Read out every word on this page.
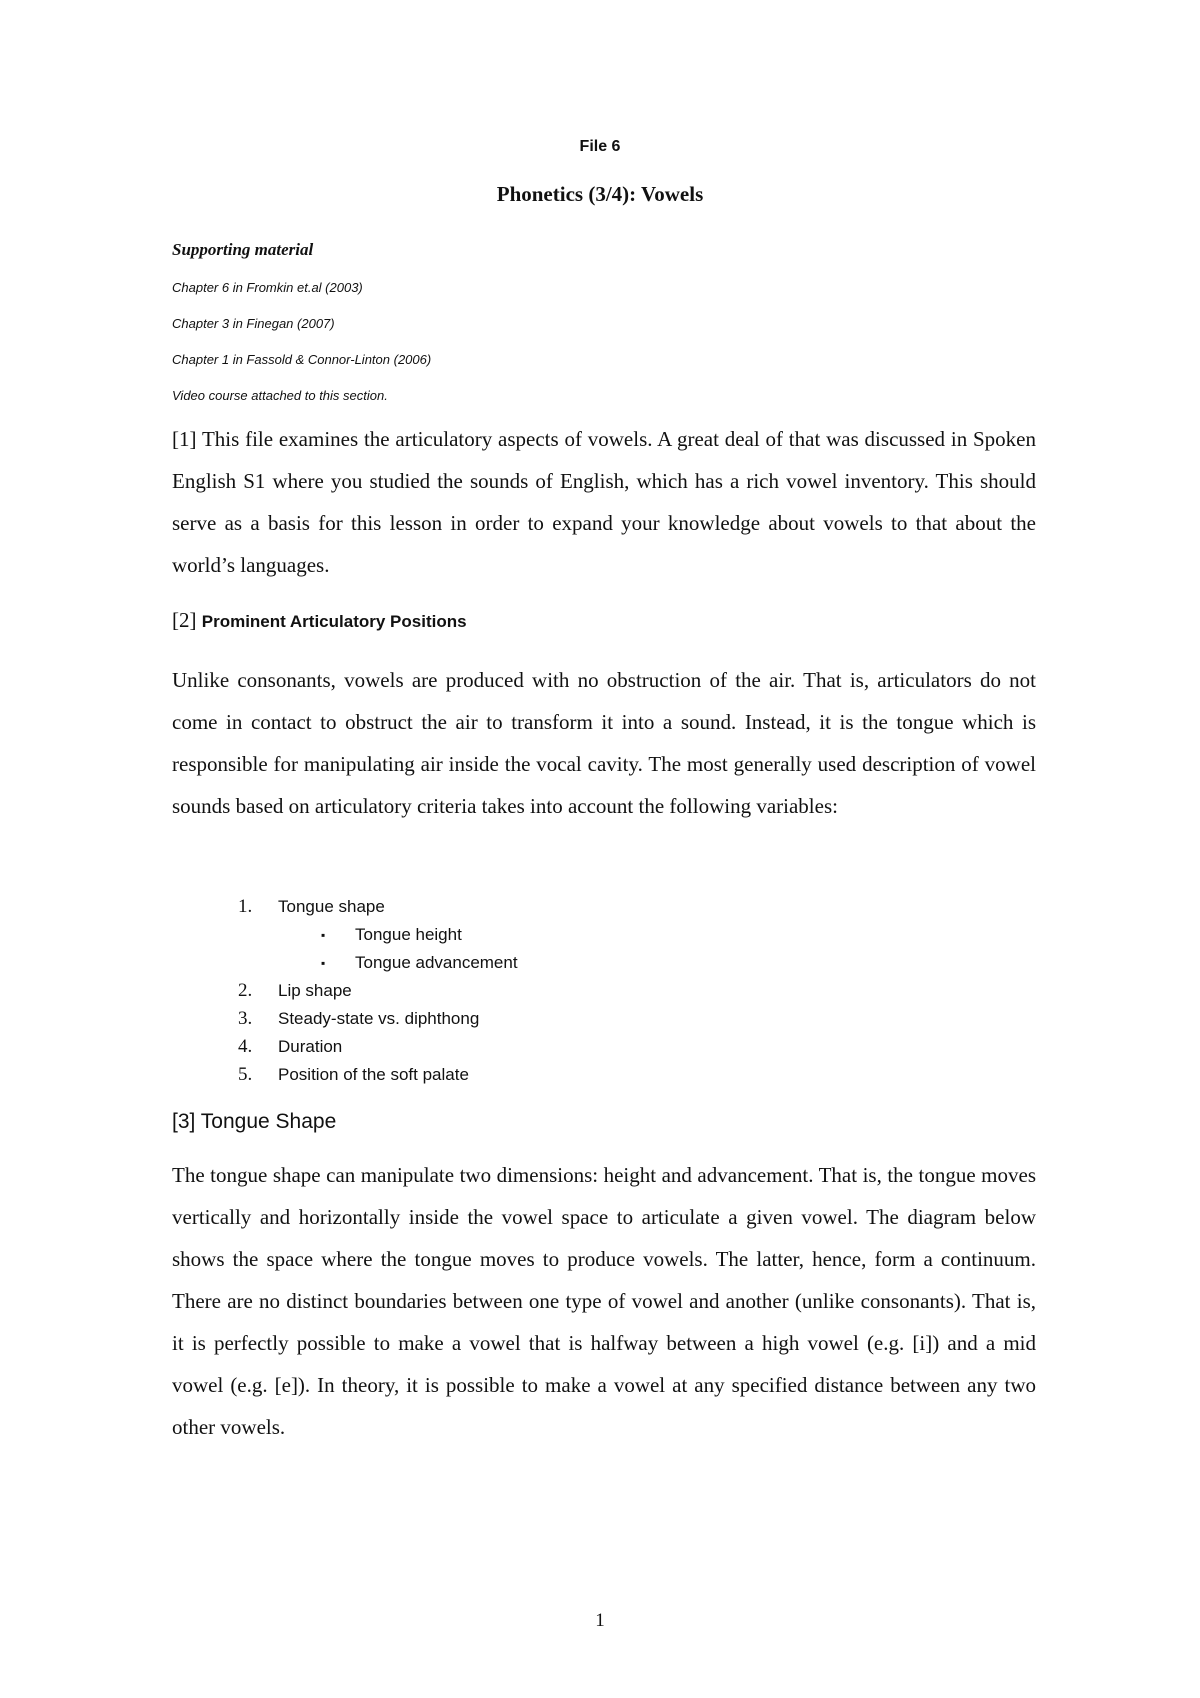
File 6
Phonetics (3/4): Vowels
Supporting material
Chapter 6 in Fromkin et.al (2003)
Chapter 3 in Finegan (2007)
Chapter 1 in Fassold & Connor-Linton (2006)
Video course attached to this section.

[1] This file examines the articulatory aspects of vowels. A great deal of that was discussed in Spoken English S1 where you studied the sounds of English, which has a rich vowel inventory. This should serve as a basis for this lesson in order to expand your knowledge about vowels to that about the world’s languages.

[2] Prominent Articulatory Positions

Unlike consonants, vowels are produced with no obstruction of the air. That is, articulators do not come in contact to obstruct the air to transform it into a sound. Instead, it is the tongue which is responsible for manipulating air inside the vocal cavity. The most generally used description of vowel sounds based on articulatory criteria takes into account the following variables:

1. Tongue shape
▪ Tongue height
▪ Tongue advancement
2. Lip shape
3. Steady-state vs. diphthong
4. Duration
5. Position of the soft palate
[3] Tongue Shape

The tongue shape can manipulate two dimensions: height and advancement. That is, the tongue moves vertically and horizontally inside the vowel space to articulate a given vowel. The diagram below shows the space where the tongue moves to produce vowels. The latter, hence, form a continuum. There are no distinct boundaries between one type of vowel and another (unlike consonants). That is, it is perfectly possible to make a vowel that is halfway between a high vowel (e.g. [i]) and a mid vowel (e.g. [e]). In theory, it is possible to make a vowel at any specified distance between any two other vowels.

1
